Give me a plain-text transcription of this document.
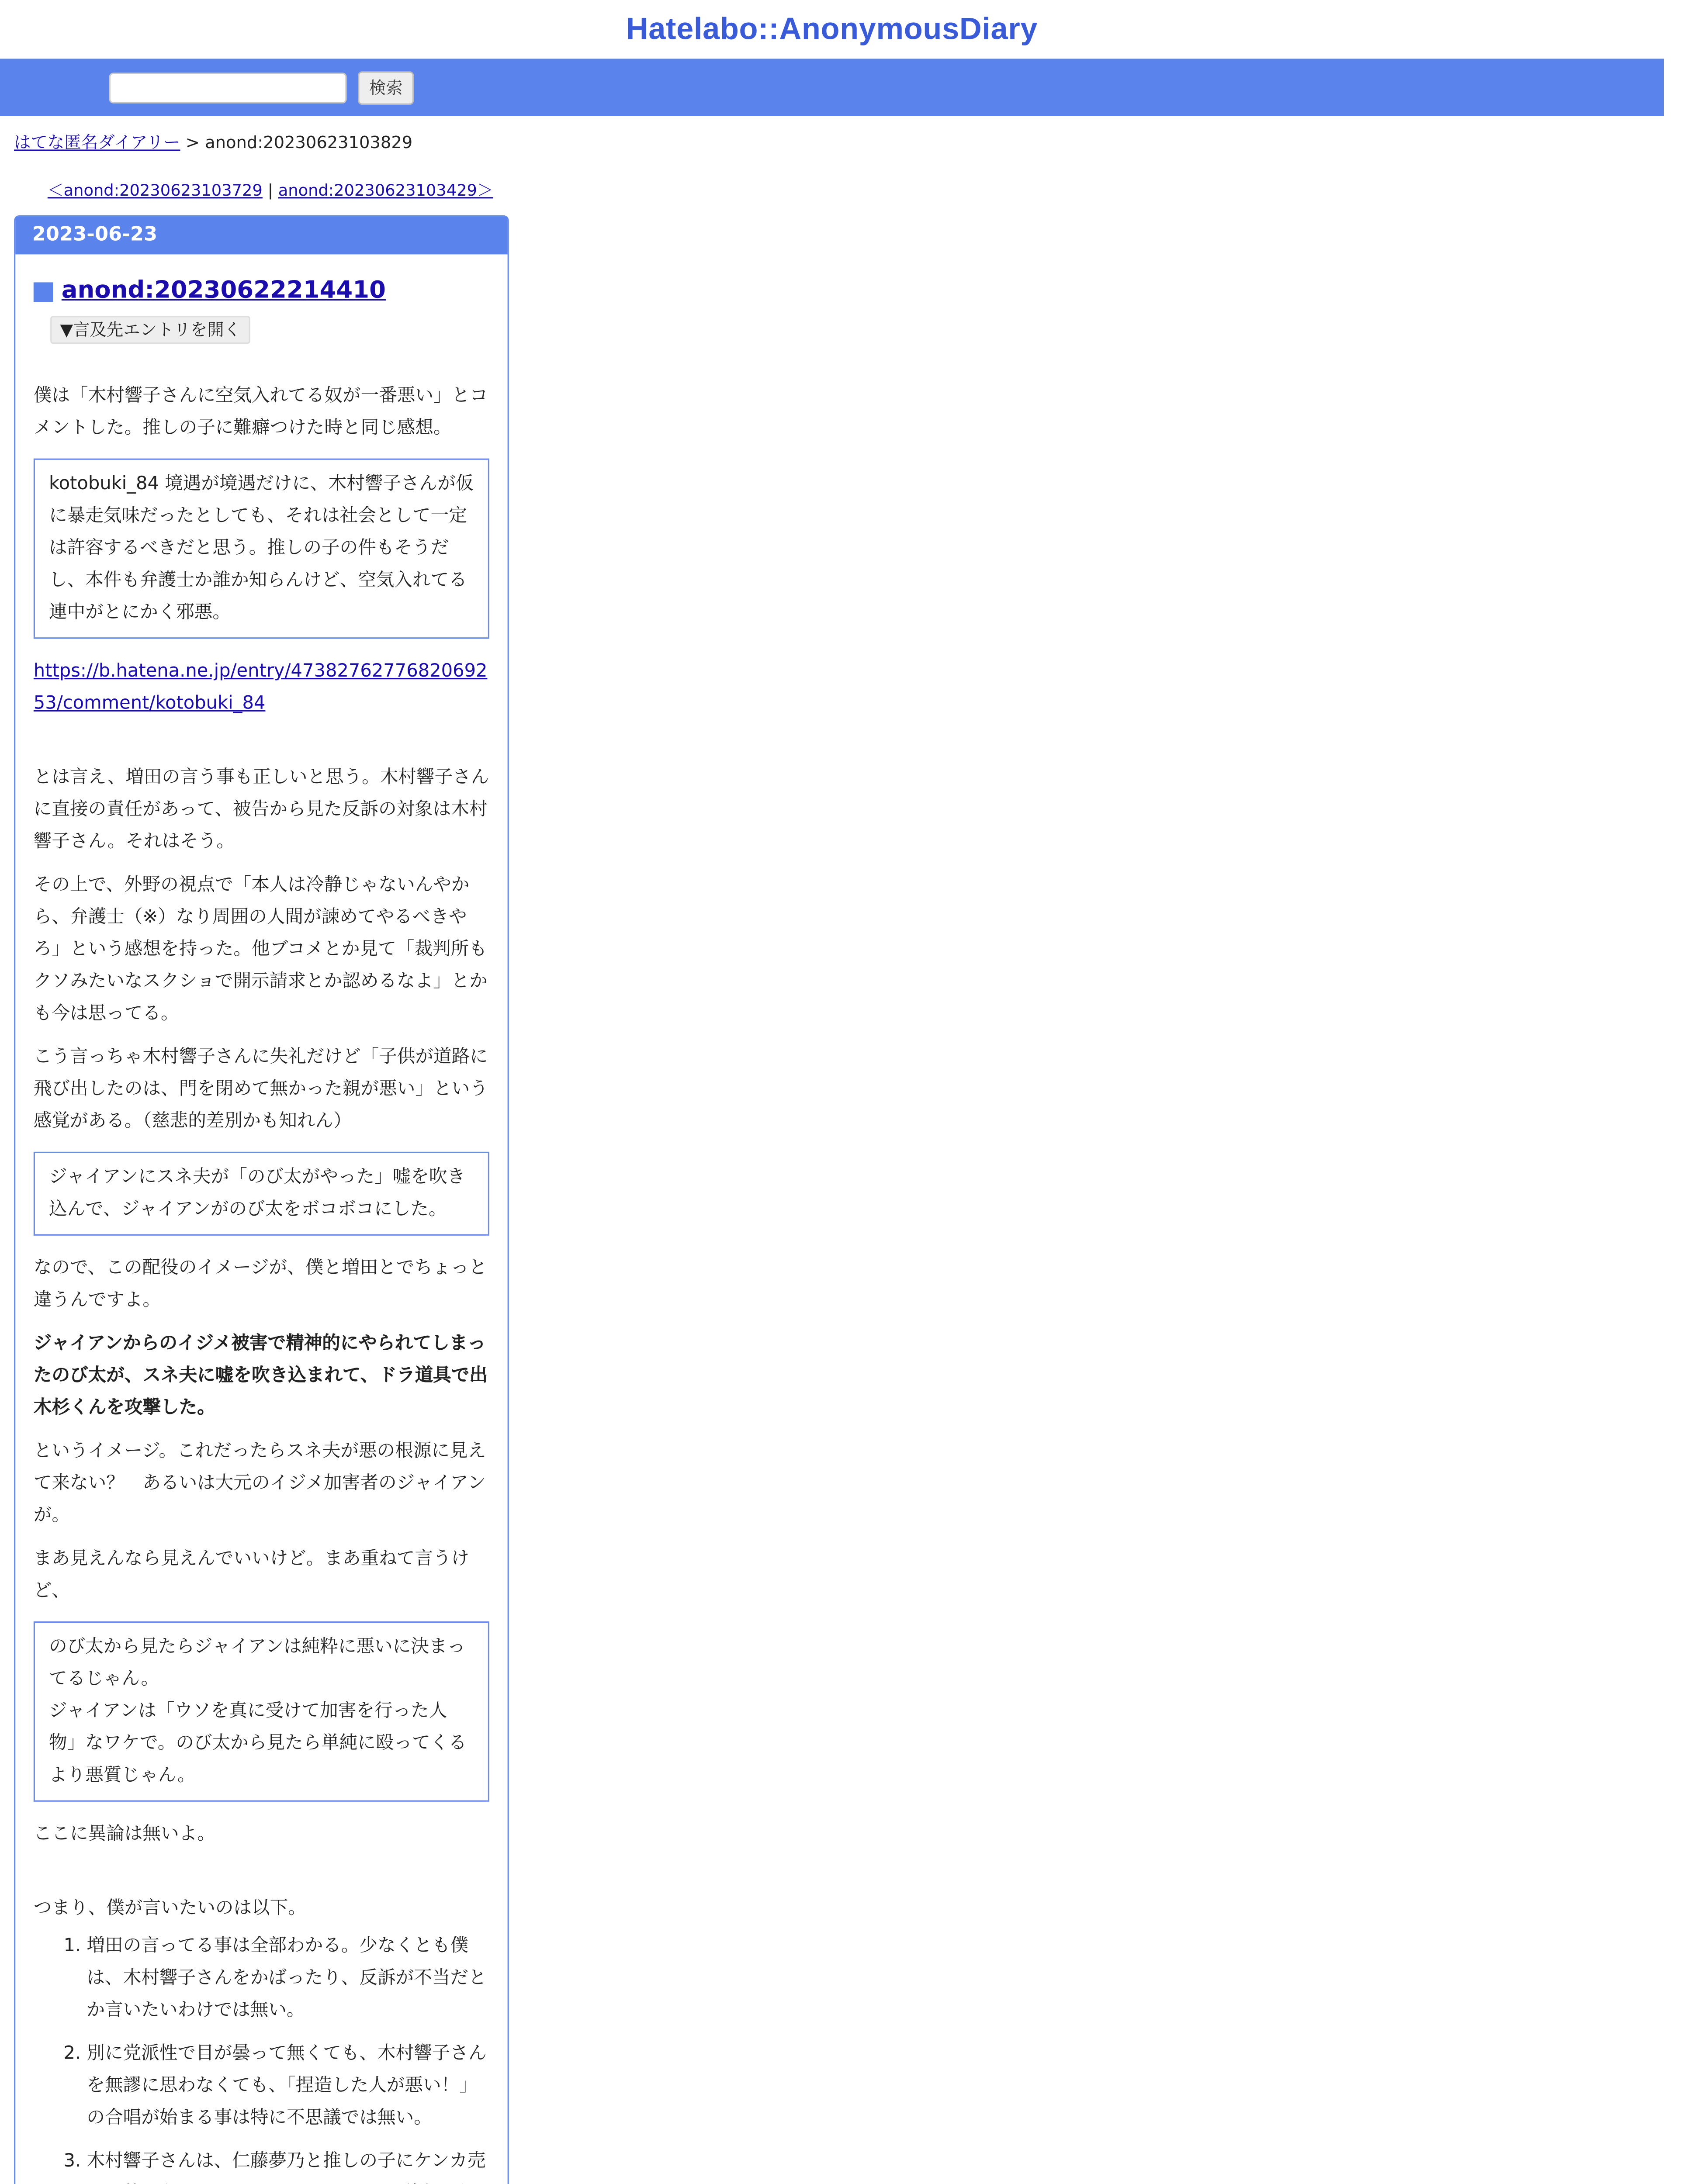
Hatelabo::AnonymousDiary
検索
はてな匿名ダイアリー > anond:20230623103829
＜anond:20230623103729 | anond:20230623103429＞
2023-06-23
anond:20230622214410
▼言及先エントリを開く

僕は「木村響子さんに空気入れてる奴が一番悪い」とコメントした。推しの子に難癖つけた時と同じ感想。

kotobuki_84 境遇が境遇だけに、木村響子さんが仮に暴走気味だったとしても、それは社会として一定は許容するべきだと思う。推しの子の件もそうだし、本件も弁護士か誰か知らんけど、空気入れてる連中がとにかく邪悪。

https://b.hatena.ne.jp/entry/4738276277682069253/comment/kotobuki_84

とは言え、増田の言う事も正しいと思う。木村響子さんに直接の責任があって、被告から見た反訴の対象は木村響子さん。それはそう。

その上で、外野の視点で「本人は冷静じゃないんやから、弁護士（※）なり周囲の人間が諫めてやるべきやろ」という感想を持った。他ブコメとか見て「裁判所もクソみたいなスクショで開示請求とか認めるなよ」とかも今は思ってる。

こう言っちゃ木村響子さんに失礼だけど「子供が道路に飛び出したのは、門を閉めて無かった親が悪い」という感覚がある。（慈悲的差別かも知れん）

ジャイアンにスネ夫が「のび太がやった」嘘を吹き込んで、ジャイアンがのび太をボコボコにした。

なので、この配役のイメージが、僕と増田とでちょっと違うんですよ。

ジャイアンからのイジメ被害で精神的にやられてしまったのび太が、スネ夫に嘘を吹き込まれて、ドラ道具で出木杉くんを攻撃した。

というイメージ。これだったらスネ夫が悪の根源に見えて来ない？　あるいは大元のイジメ加害者のジャイアンが。

まあ見えんなら見えんでいいけど。まあ重ねて言うけど、

のび太から見たらジャイアンは純粋に悪いに決まってるじゃん。
ジャイアンは「ウソを真に受けて加害を行った人物」なワケで。のび太から見たら単純に殴ってくるより悪質じゃん。

ここに異論は無いよ。

つまり、僕が言いたいのは以下。

1. 増田の言ってる事は全部わかる。少なくとも僕は、木村響子さんをかばったり、反訴が不当だとか言いたいわけでは無い。
2. 別に党派性で目が曇って無くても、木村響子さんを無謬に思わなくても、「捏造した人が悪い！」の合唱が始まる事は特に不思議では無い。
3. 木村響子さんは、仁藤夢乃と推しの子にケンカ売
